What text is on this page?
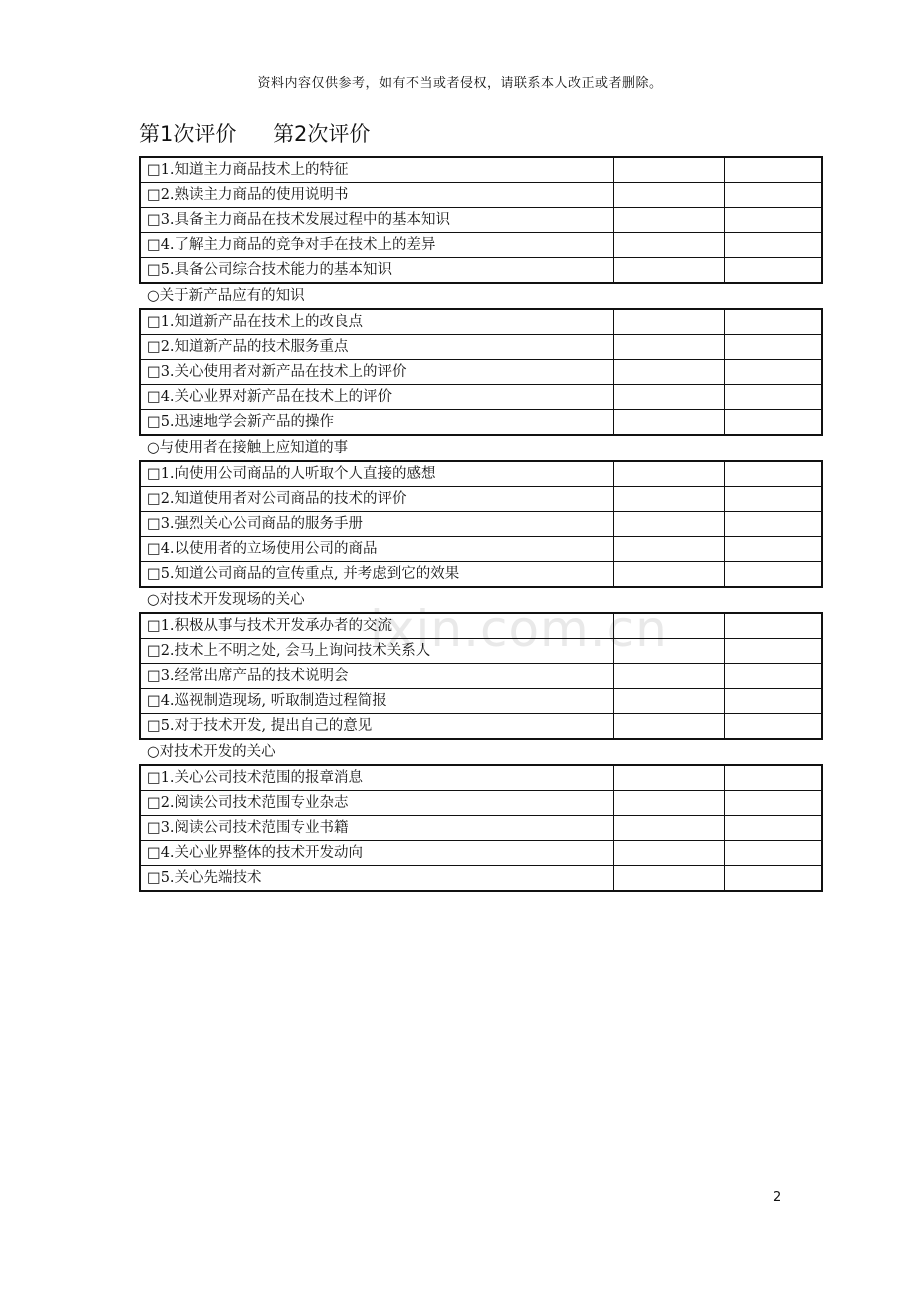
资料内容仅供参考，如有不当或者侵权，请联系本人改正或者删除。
第1次评价 第2次评价
ixin.com.cn
□1.知道主力商品技术上的特征		
□2.熟读主力商品的使用说明书		
□3.具备主力商品在技术发展过程中的基本知识		
□4.了解主力商品的竞争对手在技术上的差异		
□5.具备公司综合技术能力的基本知识		
○关于新产品应有的知识
□1.知道新产品在技术上的改良点		
□2.知道新产品的技术服务重点		
□3.关心使用者对新产品在技术上的评价		
□4.关心业界对新产品在技术上的评价		
□5.迅速地学会新产品的操作		
○与使用者在接触上应知道的事
□1.向使用公司商品的人听取个人直接的感想		
□2.知道使用者对公司商品的技术的评价		
□3.强烈关心公司商品的服务手册		
□4.以使用者的立场使用公司的商品		
□5.知道公司商品的宣传重点, 并考虑到它的效果		
○对技术开发现场的关心
□1.积极从事与技术开发承办者的交流		
□2.技术上不明之处, 会马上询问技术关系人		
□3.经常出席产品的技术说明会		
□4.巡视制造现场, 听取制造过程简报		
□5.对于技术开发, 提出自己的意见		
○对技术开发的关心
□1.关心公司技术范围的报章消息		
□2.阅读公司技术范围专业杂志		
□3.阅读公司技术范围专业书籍		
□4.关心业界整体的技术开发动向		
□5.关心先端技术		
2
